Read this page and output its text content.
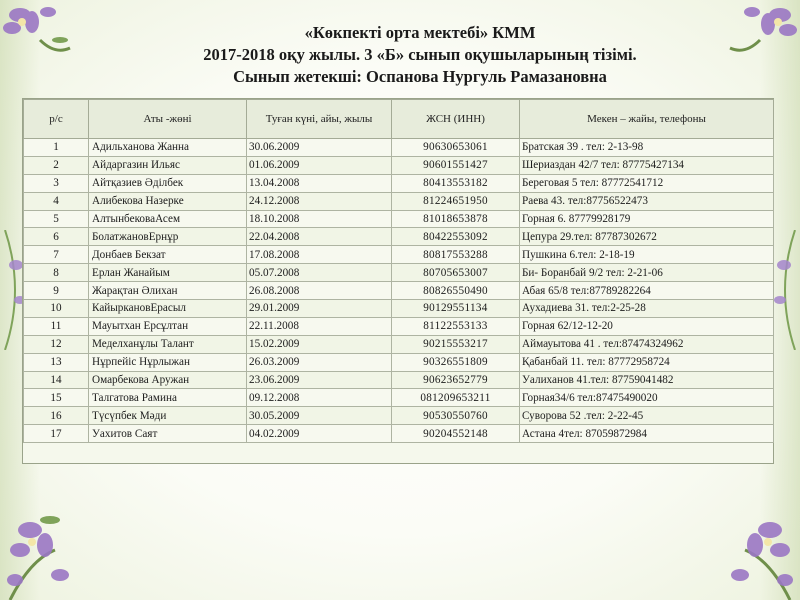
«Көкпекті орта мектебі» КММ
2017-2018 оқу жылы. 3 «Б» сынып оқушыларының тізімі.
Сынып жетекші: Оспанова Нургуль Рамазановна
р/с	Аты -жөні	Туған күні, айы, жылы	ЖСН (ИНН)	Мекен – жайы, телефоны
1	Адильханова Жанна	30.06.2009	90630653061	Братская 39 . тел: 2-13-98
2	Айдаргазин Ильяс	01.06.2009	90601551427	Шериаздан 42/7 тел: 87775427134
3	Айтқазиев Әділбек	13.04.2008	80413553182	Береговая 5 тел: 87772541712
4	Алибекова Назерке	24.12.2008	81224651950	Раева 43. тел:87756522473
5	АлтынбековаАсем	18.10.2008	81018653878	Горная 6. 87779928179
6	БолатжановЕрнұр	22.04.2008	80422553092	Цепура 29.тел: 87787302672
7	Донбаев Бекзат	17.08.2008	80817553288	Пушкина 6.тел: 2-18-19
8	Ерлан Жанайым	05.07.2008	80705653007	Би- Боранбай 9/2 тел: 2-21-06
9	Жарақтан Әлихан	26.08.2008	80826550490	Абая 65/8 тел:87789282264
10	КайыркановЕрасыл	29.01.2009	90129551134	Аухадиева 31. тел:2-25-28
11	Мауытхан Ерсұлтан	22.11.2008	81122553133	Горная 62/12-12-20
12	Меделханұлы Талант	15.02.2009	90215553217	Аймауытова 41 . тел:87474324962
13	Нұрпейіс Нұрлыжан	26.03.2009	90326551809	Қабанбай 11. тел: 87772958724
14	Омарбекова Аружан	23.06.2009	90623652779	Уалиханов 41.тел: 87759041482
15	Талгатова Рамина	09.12.2008	081209653211	Горная34/6 тел:87475490020
16	Түсүпбек Мәди	30.05.2009	90530550760	Суворова 52 .тел: 2-22-45
17	Уахитов Саят	04.02.2009	90204552148	Астана 4тел: 87059872984
